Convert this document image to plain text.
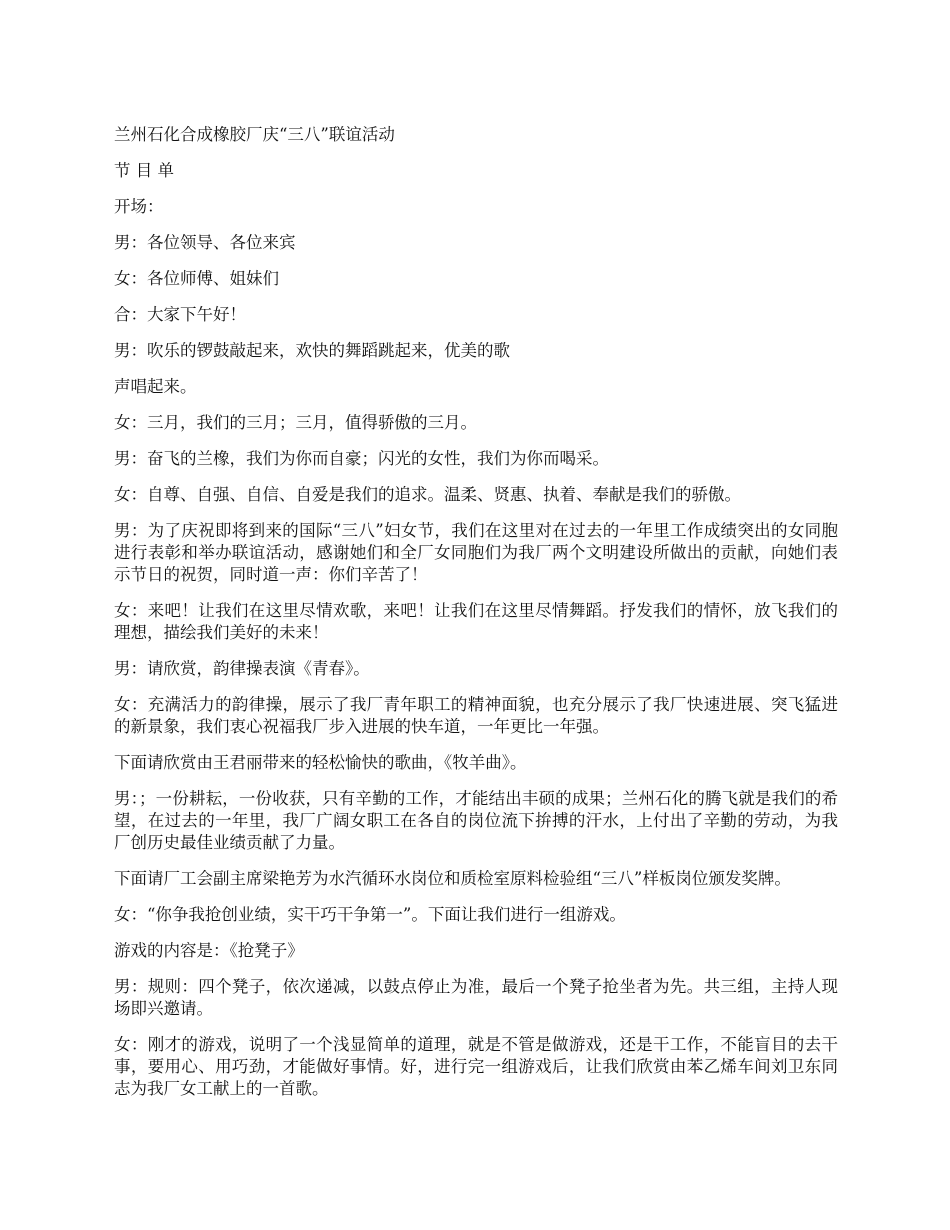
兰州石化合成橡胶厂庆“三八”联谊活动

节 目 单

开场：

男：各位领导、各位来宾

女：各位师傅、姐妹们

合：大家下午好！

男：吹乐的锣鼓敲起来，欢快的舞蹈跳起来，优美的歌

声唱起来。

女：三月，我们的三月；三月，值得骄傲的三月。

男：奋飞的兰橡，我们为你而自豪；闪光的女性，我们为你而喝采。

女：自尊、自强、自信、自爱是我们的追求。温柔、贤惠、执着、奉献是我们的骄傲。

男：为了庆祝即将到来的国际“三八”妇女节，我们在这里对在过去的一年里工作成绩突出的女同胞进行表彰和举办联谊活动，感谢她们和全厂女同胞们为我厂两个文明建设所做出的贡献，向她们表示节日的祝贺，同时道一声：你们辛苦了！

女：来吧！让我们在这里尽情欢歌，来吧！让我们在这里尽情舞蹈。抒发我们的情怀，放飞我们的理想，描绘我们美好的未来！

男：请欣赏，韵律操表演《青春》。

女：充满活力的韵律操，展示了我厂青年职工的精神面貌，也充分展示了我厂快速进展、突飞猛进的新景象，我们衷心祝福我厂步入进展的快车道，一年更比一年强。

下面请欣赏由王君丽带来的轻松愉快的歌曲，《牧羊曲》。

男：；一份耕耘，一份收获，只有辛勤的工作，才能结出丰硕的成果；兰州石化的腾飞就是我们的希望，在过去的一年里，我厂广阔女职工在各自的岗位流下拚搏的汗水，上付出了辛勤的劳动，为我厂创历史最佳业绩贡献了力量。

下面请厂工会副主席梁艳芳为水汽循环水岗位和质检室原料检验组“三八”样板岗位颁发奖牌。

女：“你争我抢创业绩，实干巧干争第一”。下面让我们进行一组游戏。

游戏的内容是：《抢凳子》

男：规则：四个凳子，依次递减，以鼓点停止为准，最后一个凳子抢坐者为先。共三组，主持人现场即兴邀请。

女：刚才的游戏，说明了一个浅显简单的道理，就是不管是做游戏，还是干工作，不能盲目的去干事，要用心、用巧劲，才能做好事情。好，进行完一组游戏后，让我们欣赏由苯乙烯车间刘卫东同志为我厂女工献上的一首歌。
